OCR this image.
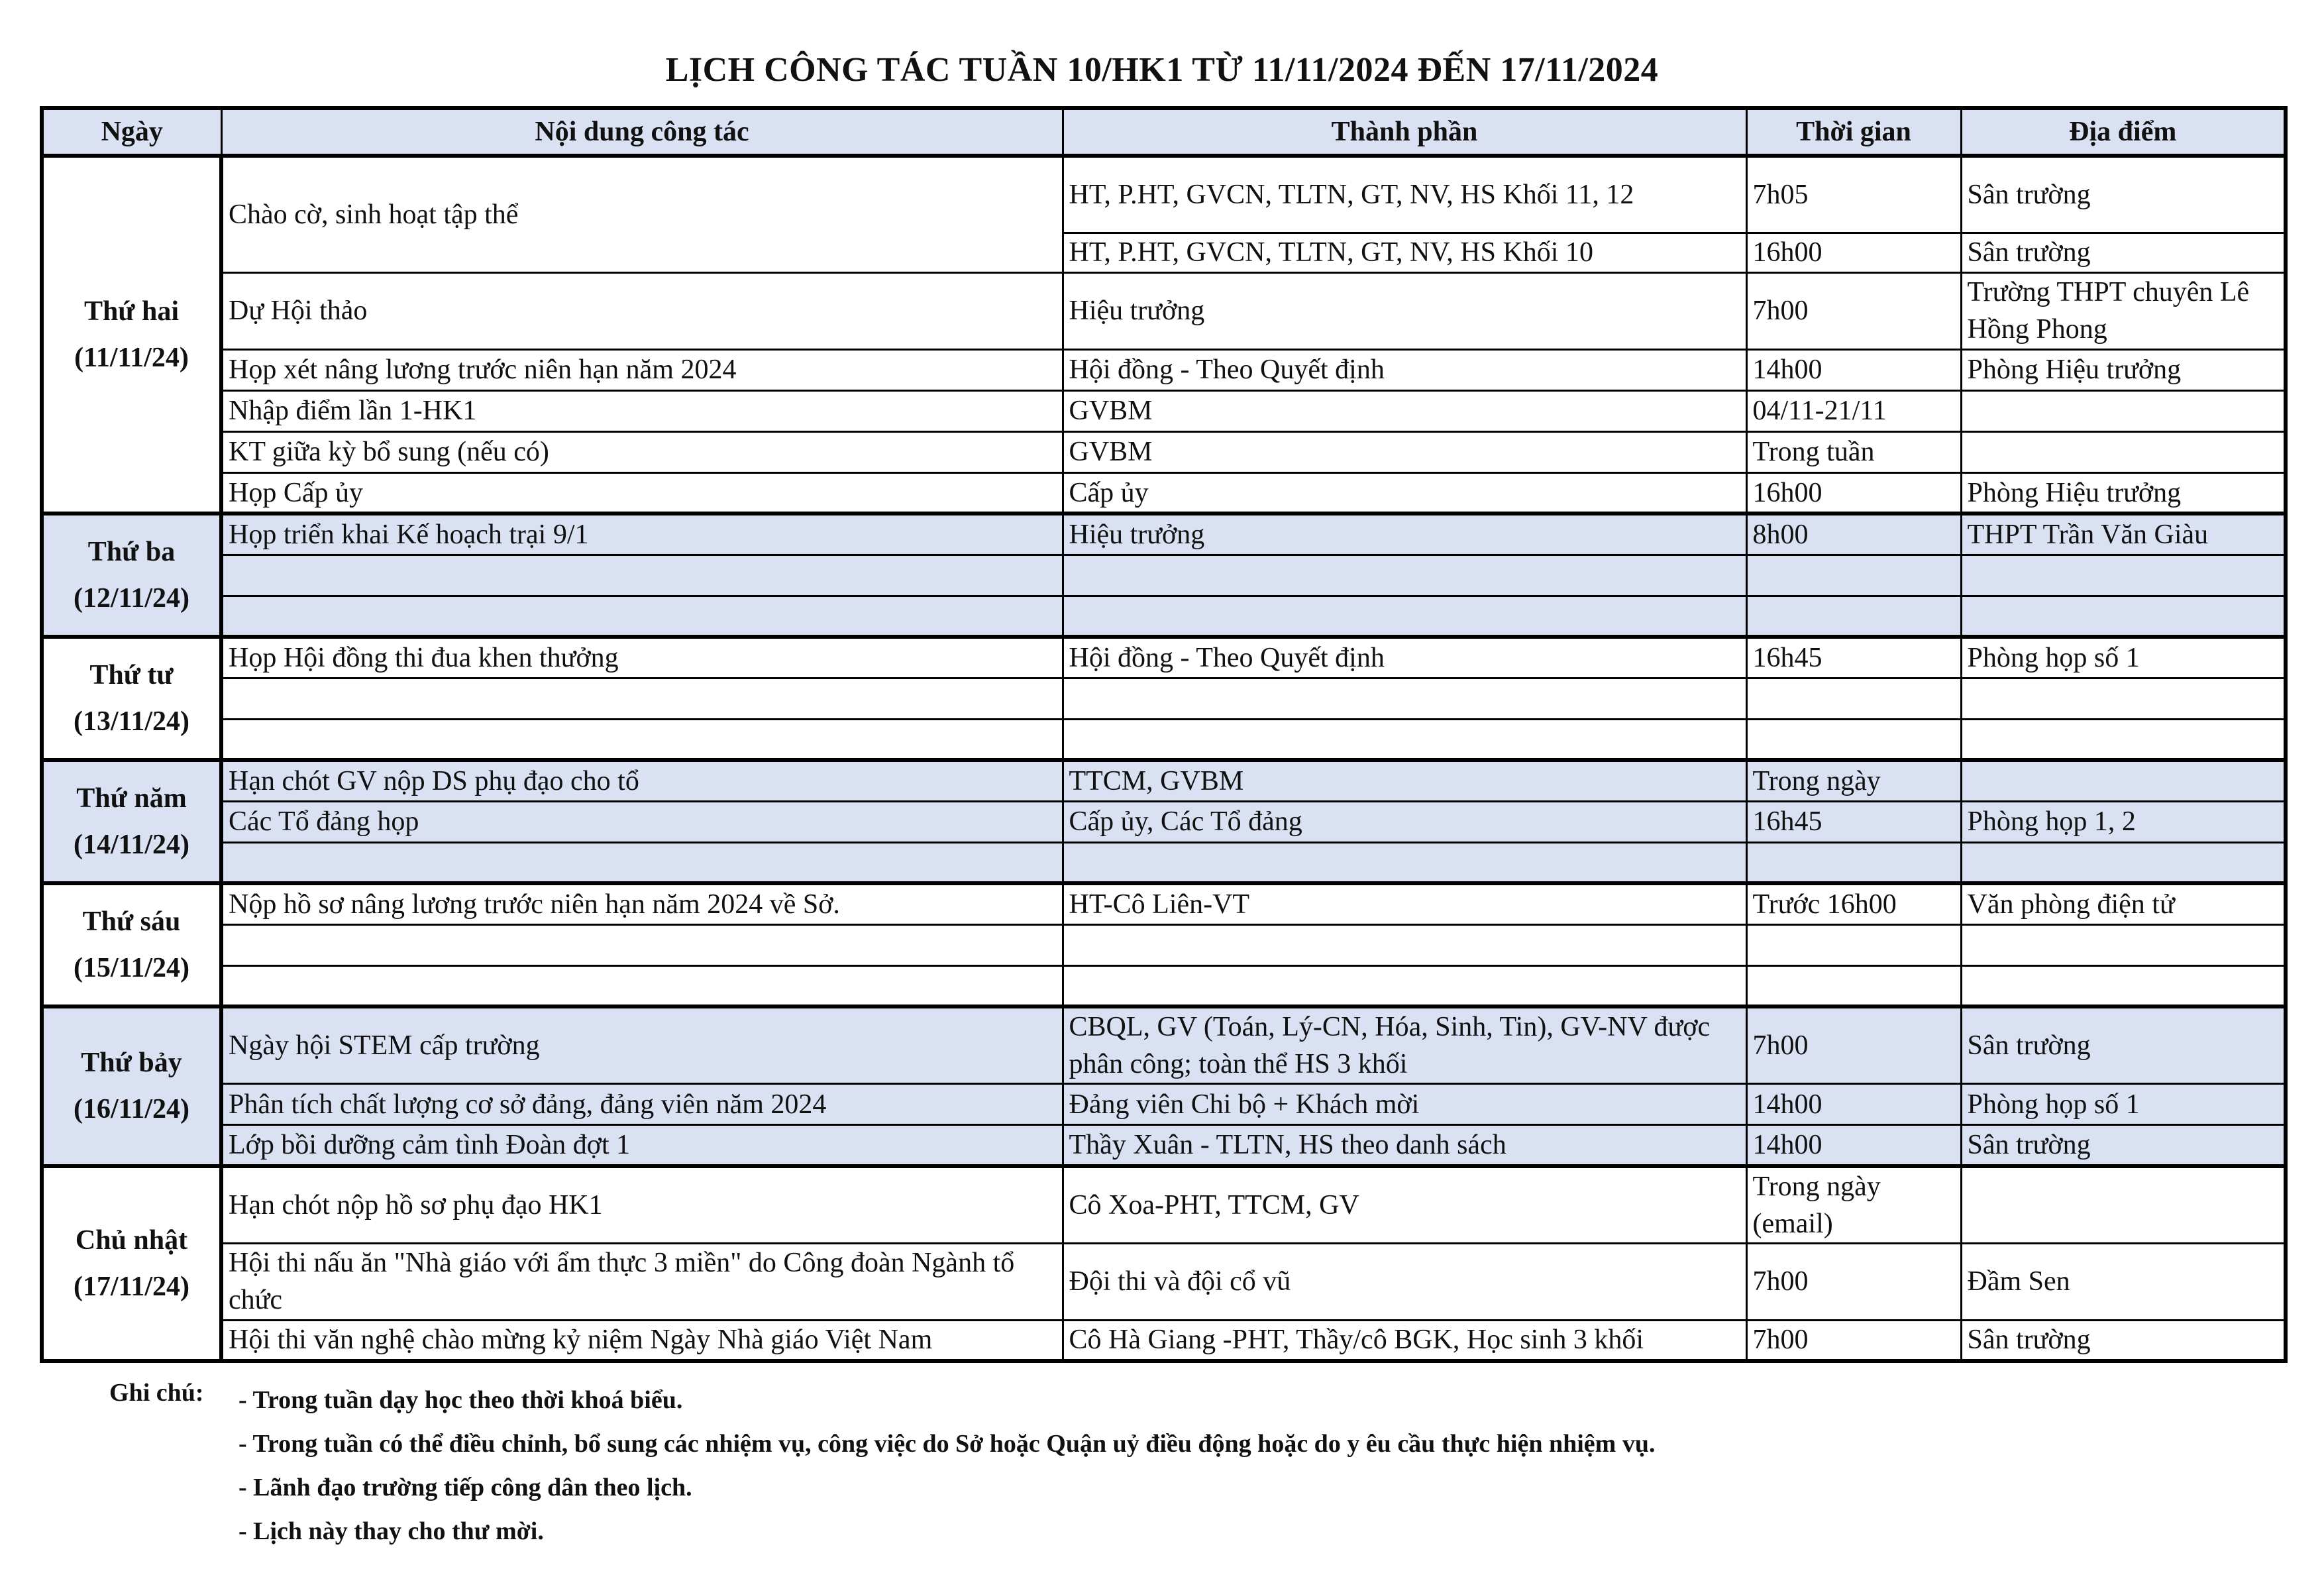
LỊCH CÔNG TÁC TUẦN 10/HK1 TỪ 11/11/2024 ĐẾN 17/11/2024
Ngày	Nội dung công tác	Thành phần	Thời gian	Địa điểm

Thứ hai
(11/11/24)	Chào cờ, sinh hoạt tập thể	HT, P.HT, GVCN, TLTN, GT, NV, HS Khối 11, 12	7h05	Sân trường
		HT, P.HT, GVCN, TLTN, GT, NV, HS Khối 10	16h00	Sân trường
	Dự Hội thảo	Hiệu trưởng	7h00	Trường THPT chuyên Lê Hồng Phong
	Họp xét nâng lương trước niên hạn năm 2024	Hội đồng - Theo Quyết định	14h00	Phòng Hiệu trưởng
	Nhập điểm lần 1-HK1	GVBM	04/11-21/11	
	KT giữa kỳ bổ sung (nếu có)	GVBM	Trong tuần	
	Họp Cấp ủy	Cấp ủy	16h00	Phòng Hiệu trưởng

Thứ ba
(12/11/24)	Họp triển khai Kế hoạch trại 9/1	Hiệu trưởng	8h00	THPT Trần Văn Giàu

Thứ tư
(13/11/24)	Họp Hội đồng thi đua khen thưởng	Hội đồng - Theo Quyết định	16h45	Phòng họp số 1

Thứ năm
(14/11/24)	Hạn chót GV nộp DS phụ đạo cho tổ	TTCM, GVBM	Trong ngày	
	Các Tổ đảng họp	Cấp ủy, Các Tổ đảng	16h45	Phòng họp 1, 2

Thứ sáu
(15/11/24)	Nộp hồ sơ nâng lương trước niên hạn năm 2024 về Sở.	HT-Cô Liên-VT	Trước 16h00	Văn phòng điện tử

Thứ bảy
(16/11/24)	Ngày hội STEM cấp trường	CBQL, GV (Toán, Lý-CN, Hóa, Sinh, Tin), GV-NV được phân công; toàn thể HS 3 khối	7h00	Sân trường
	Phân tích chất lượng cơ sở đảng, đảng viên năm 2024	Đảng viên Chi bộ + Khách mời	14h00	Phòng họp số 1
	Lớp bồi dưỡng cảm tình Đoàn đợt 1	Thầy Xuân - TLTN, HS theo danh sách	14h00	Sân trường

Chủ nhật
(17/11/24)	Hạn chót nộp hồ sơ phụ đạo HK1	Cô Xoa-PHT, TTCM, GV	Trong ngày (email)	
	Hội thi nấu ăn "Nhà giáo với ẩm thực 3 miền" do Công đoàn Ngành tổ chức	Đội thi và đội cổ vũ	7h00	Đầm Sen
	Hội thi văn nghệ chào mừng kỷ niệm Ngày Nhà giáo Việt Nam	Cô Hà Giang -PHT, Thầy/cô BGK, Học sinh 3 khối	7h00	Sân trường
Ghi chú:	- Trong tuần dạy học theo thời khoá biểu.
- Trong tuần có thể điều chỉnh, bổ sung các nhiệm vụ, công việc do Sở hoặc Quận uỷ điều động hoặc do y êu cầu thực hiện nhiệm vụ.
- Lãnh đạo trường tiếp công dân theo lịch.
- Lịch này thay cho thư mời.
